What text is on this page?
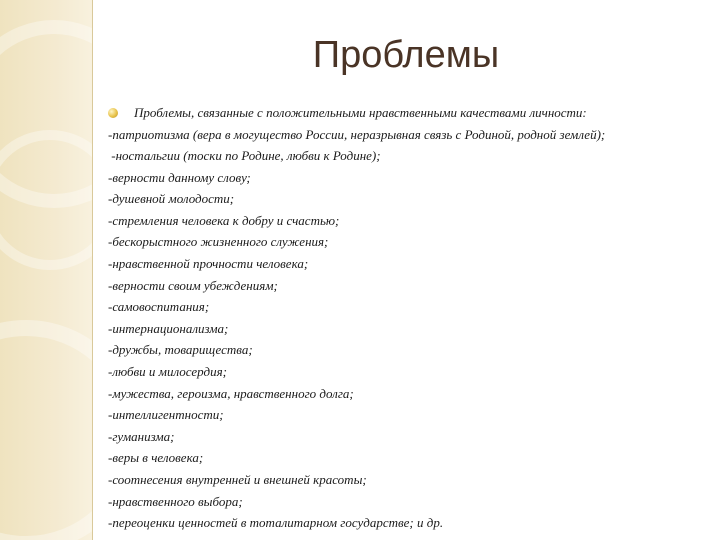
Проблемы
Проблемы, связанные с положительными нравственными качествами личности:
-патриотизма (вера в могущество России, неразрывная связь с Родиной, родной землей);
-ностальгии (тоски по Родине, любви к Родине);
-верности данному слову;
-душевной молодости;
-стремления человека к добру и счастью;
-бескорыстного жизненного служения;
-нравственной прочности человека;
-верности своим убеждениям;
-самовоспитания;
-интернационализма;
-дружбы, товарищества;
-любви и милосердия;
-мужества, героизма, нравственного долга;
-интеллигентности;
-гуманизма;
-веры в человека;
-соотнесения внутренней и внешней красоты;
-нравственного выбора;
-переоценки ценностей в тоталитарном государстве; и др.
